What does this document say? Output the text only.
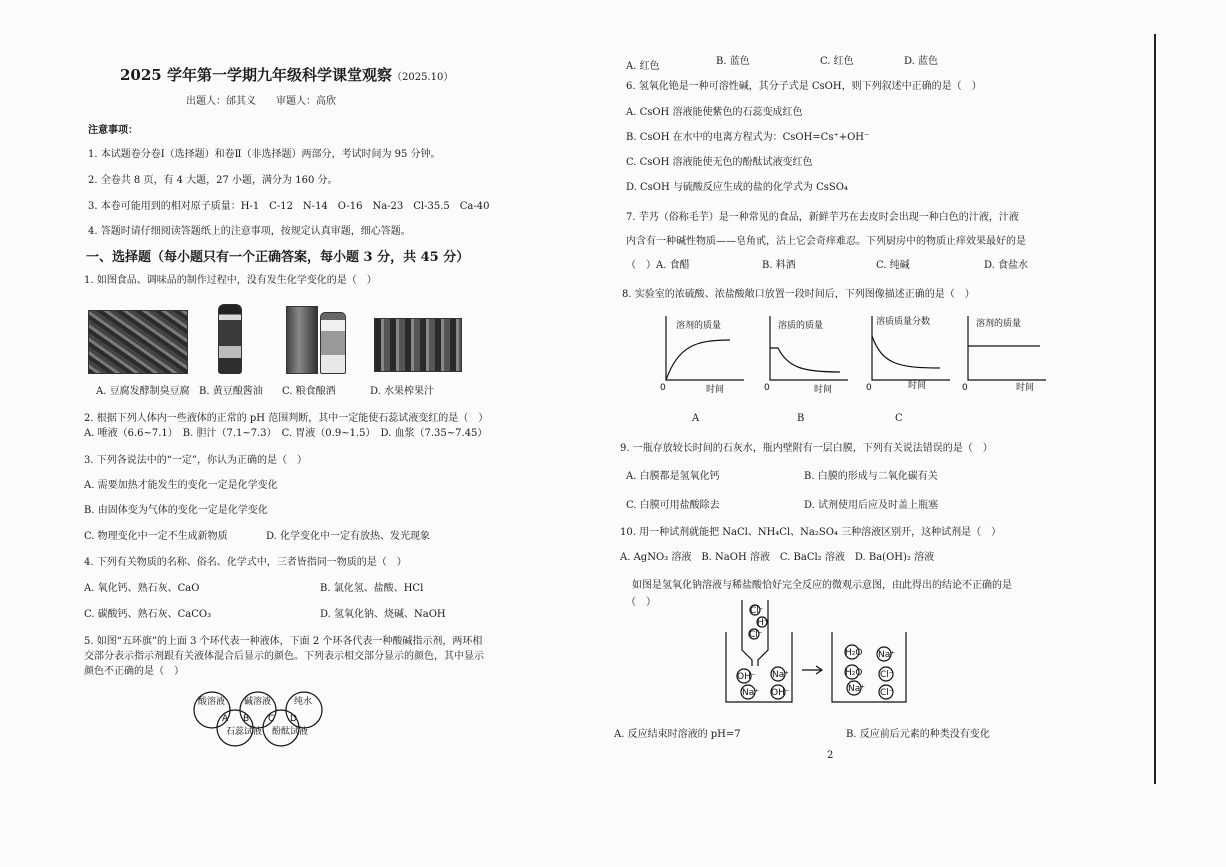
2025 学年第一学期九年级科学课堂观察（2025.10）
出题人：邰其义　　审题人：高欣
注意事项：
1. 本试题卷分卷Ⅰ（选择题）和卷Ⅱ（非选择题）两部分，考试时间为 95 分钟。
2. 全卷共 8 页，有 4 大题，27 小题，满分为 160 分。
3. 本卷可能用到的相对原子质量：H-1　C-12　N-14　O-16　Na-23　Cl-35.5　Ca-40
4. 答题时请仔细阅读答题纸上的注意事项，按规定认真审题，细心答题。
一、选择题（每小题只有一个正确答案，每小题 3 分，共 45 分）
1. 如图食品、调味品的制作过程中，没有发生化学变化的是（　）
A. 豆腐发酵制臭豆腐 B. 黄豆酿酱油 C. 粮食酿酒	D. 水果榨果汁
2. 根据下列人体内一些液体的正常的 pH 范围判断，其中一定能使石蕊试液变红的是（　）
A. 唾液（6.6~7.1）　B. 胆汁（7.1~7.3）　C. 胃液（0.9~1.5）　D. 血浆（7.35~7.45）
3. 下列各说法中的“一定”，你认为正确的是（　）
A. 需要加热才能发生的变化一定是化学变化
B. 由固体变为气体的变化一定是化学变化
C. 物理变化中一定不生成新物质	D. 化学变化中一定有放热、发光现象
4. 下列有关物质的名称、俗名、化学式中，三者皆指同一物质的是（　）
A. 氧化钙、熟石灰、CaO	B. 氯化氢、盐酸、HCl
C. 碳酸钙、熟石灰、CaCO₃	D. 氢氧化钠、烧碱、NaOH
5. 如图“五环旗”的上面 3 个环代表一种液体，下面 2 个环各代表一种酸碱指示剂，两环相交部分表示指示剂跟有关液体混合后显示的颜色。下列表示相交部分显示的颜色，其中显示颜色不正确的是（　）
酸溶液 碱溶液	纯水
石蕊试液 酚酞试液
A B C D
A. 红色	B. 蓝色	C. 红色	D. 蓝色
6. 氢氧化铯是一种可溶性碱，其分子式是 CsOH，则下列叙述中正确的是（　）
A. CsOH 溶液能使紫色的石蕊变成红色
B. CsOH 在水中的电离方程式为：CsOH=Cs⁺+OH⁻
C. CsOH 溶液能使无色的酚酞试液变红色
D. CsOH 与硫酸反应生成的盐的化学式为 CsSO₄
7. 芋艿（俗称毛芋）是一种常见的食品，新鲜芋艿在去皮时会出现一种白色的汁液，汁液
内含有一种碱性物质——皂角甙，沾上它会奇痒难忍。下列厨房中的物质止痒效果最好的是
（　）A. 食醋	B. 料酒	C. 纯碱	D. 食盐水
8. 实验室的浓硫酸、浓盐酸敞口放置一段时间后，下列图像描述正确的是（　）
溶剂的质量
0	时间
溶质的质量
0	时间
溶质质量分数
0	时间
溶剂的质量
0	时间
A	B	C
9. 一瓶存放较长时间的石灰水，瓶内壁附有一层白膜，下列有关说法错误的是（　）
A. 白膜都是氢氧化钙	B. 白膜的形成与二氧化碳有关
C. 白膜可用盐酸除去	D. 试剂使用后应及时盖上瓶塞
10. 用一种试剂就能把 NaCl、NH₄Cl、Na₂SO₄ 三种溶液区别开，这种试剂是（　）
A. AgNO₃ 溶液　B. NaOH 溶液　C. BaCl₂ 溶液　D. Ba(OH)₂ 溶液
如图是氢氧化钠溶液与稀盐酸恰好完全反应的微观示意图，由此得出的结论不正确的是
（　）
Cl⁻
H⁺
Cl⁻
OH⁻ Na⁺
Na⁺ OH⁻
H₂O Na⁺
H₂O Cl⁻
Na⁺ Cl⁻
A. 反应结束时溶液的 pH=7	B. 反应前后元素的种类没有变化
2
